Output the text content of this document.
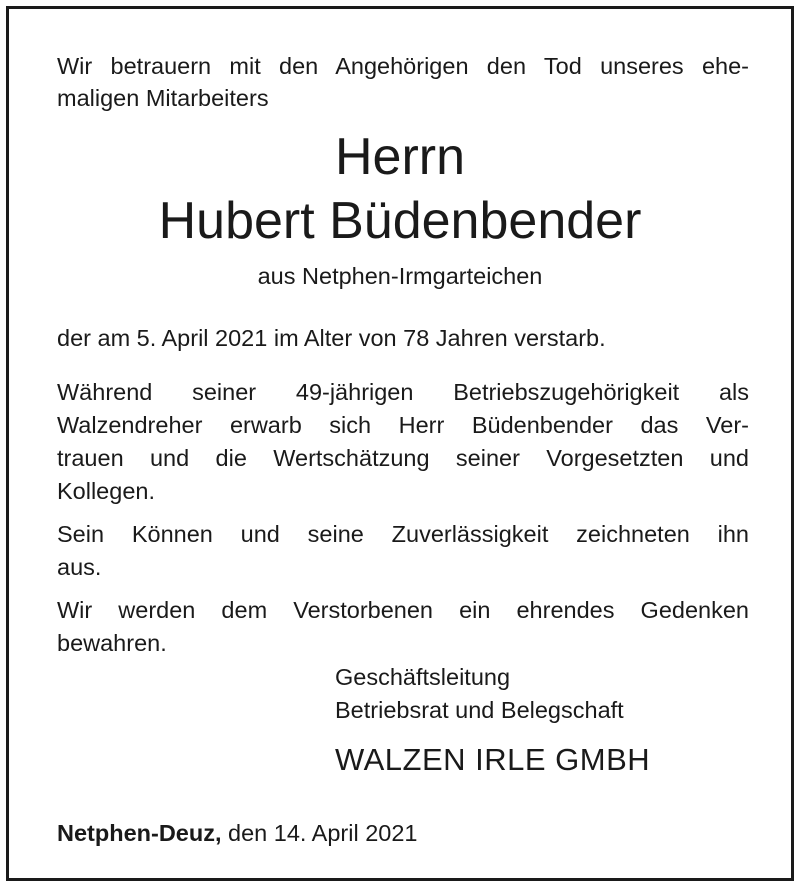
Wir betrauern mit den Angehörigen den Tod unseres ehe-
maligen Mitarbeiters
Herrn
Hubert Büdenbender
aus Netphen-Irmgarteichen
der am 5. April 2021 im Alter von 78 Jahren verstarb.
Während seiner 49-jährigen Betriebszugehörigkeit als
Walzendreher erwarb sich Herr Büdenbender das Ver-
trauen und die Wertschätzung seiner Vorgesetzten und
Kollegen.
Sein Können und seine Zuverlässigkeit zeichneten ihn
aus.
Wir werden dem Verstorbenen ein ehrendes Gedenken
bewahren.
Geschäftsleitung
Betriebsrat und Belegschaft
WALZEN IRLE GMBH
Netphen-Deuz, den 14. April 2021
